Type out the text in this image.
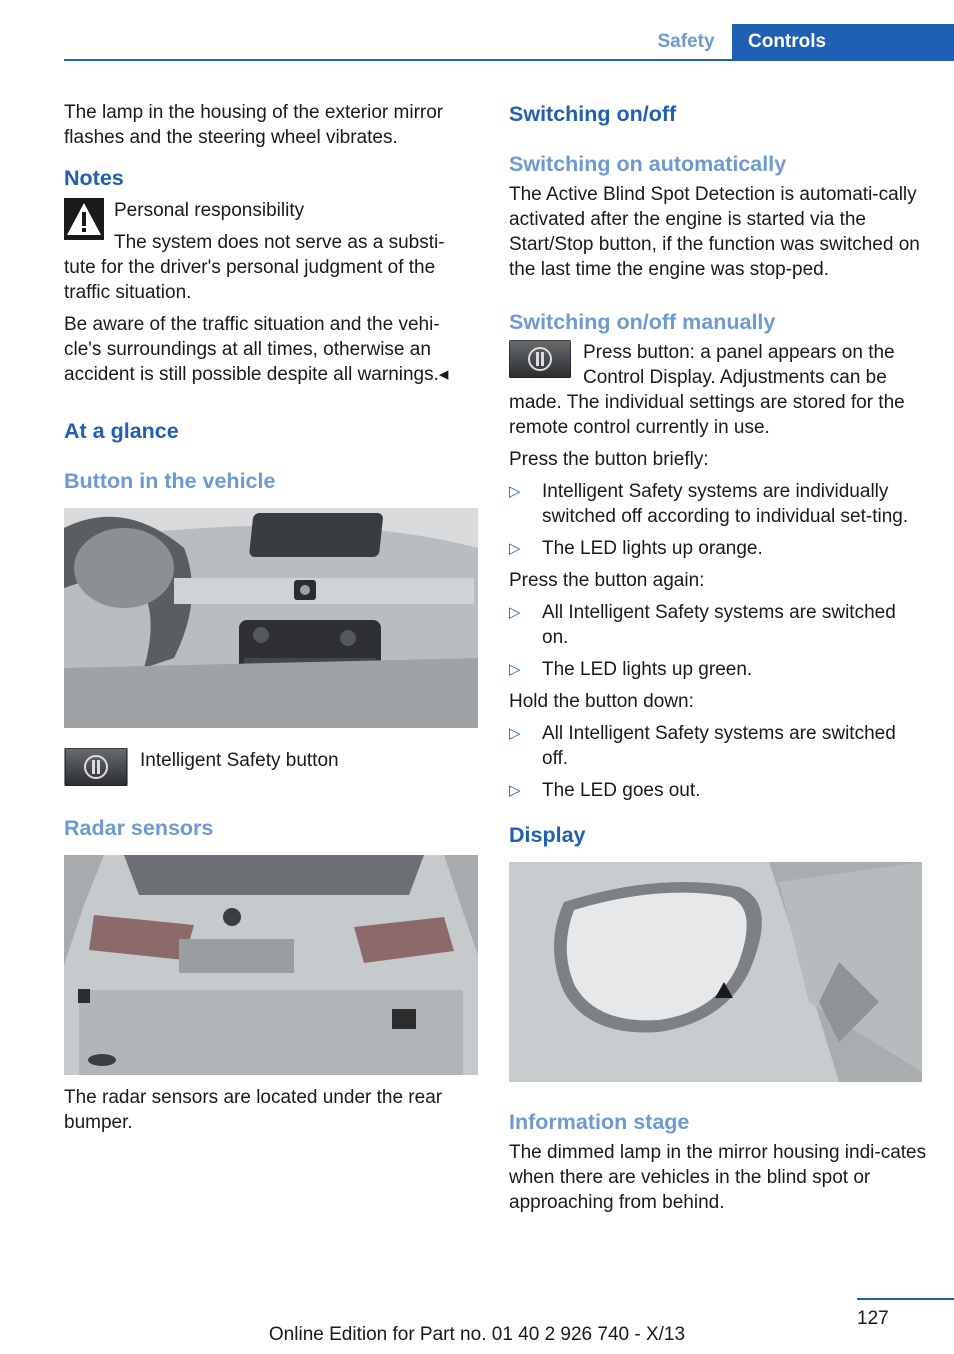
Safety	Controls

The lamp in the housing of the exterior mirror flashes and the steering wheel vibrates.

Notes

Personal responsibility

The system does not serve as a substi-tute for the driver's personal judgment of the traffic situation.

Be aware of the traffic situation and the vehi-cle's surroundings at all times, otherwise an accident is still possible despite all warnings.◂

At a glance
Button in the vehicle
Intelligent Safety button
Radar sensors

The radar sensors are located under the rear bumper.

Switching on/off
Switching on automatically

The Active Blind Spot Detection is automati-cally activated after the engine is started via the Start/Stop button, if the function was switched on the last time the engine was stop-ped.

Switching on/off manually

Press button: a panel appears on the Control Display. Adjustments can be made. The individual settings are stored for the remote control currently in use.

Press the button briefly:

▷ Intelligent Safety systems are individually switched off according to individual set-ting.
▷ The LED lights up orange.

Press the button again:

▷ All Intelligent Safety systems are switched on.
▷ The LED lights up green.

Hold the button down:

▷ All Intelligent Safety systems are switched off.
▷ The LED goes out.
Display
Information stage

The dimmed lamp in the mirror housing indi-cates when there are vehicles in the blind spot or approaching from behind.

127
Online Edition for Part no. 01 40 2 926 740 - X/13
